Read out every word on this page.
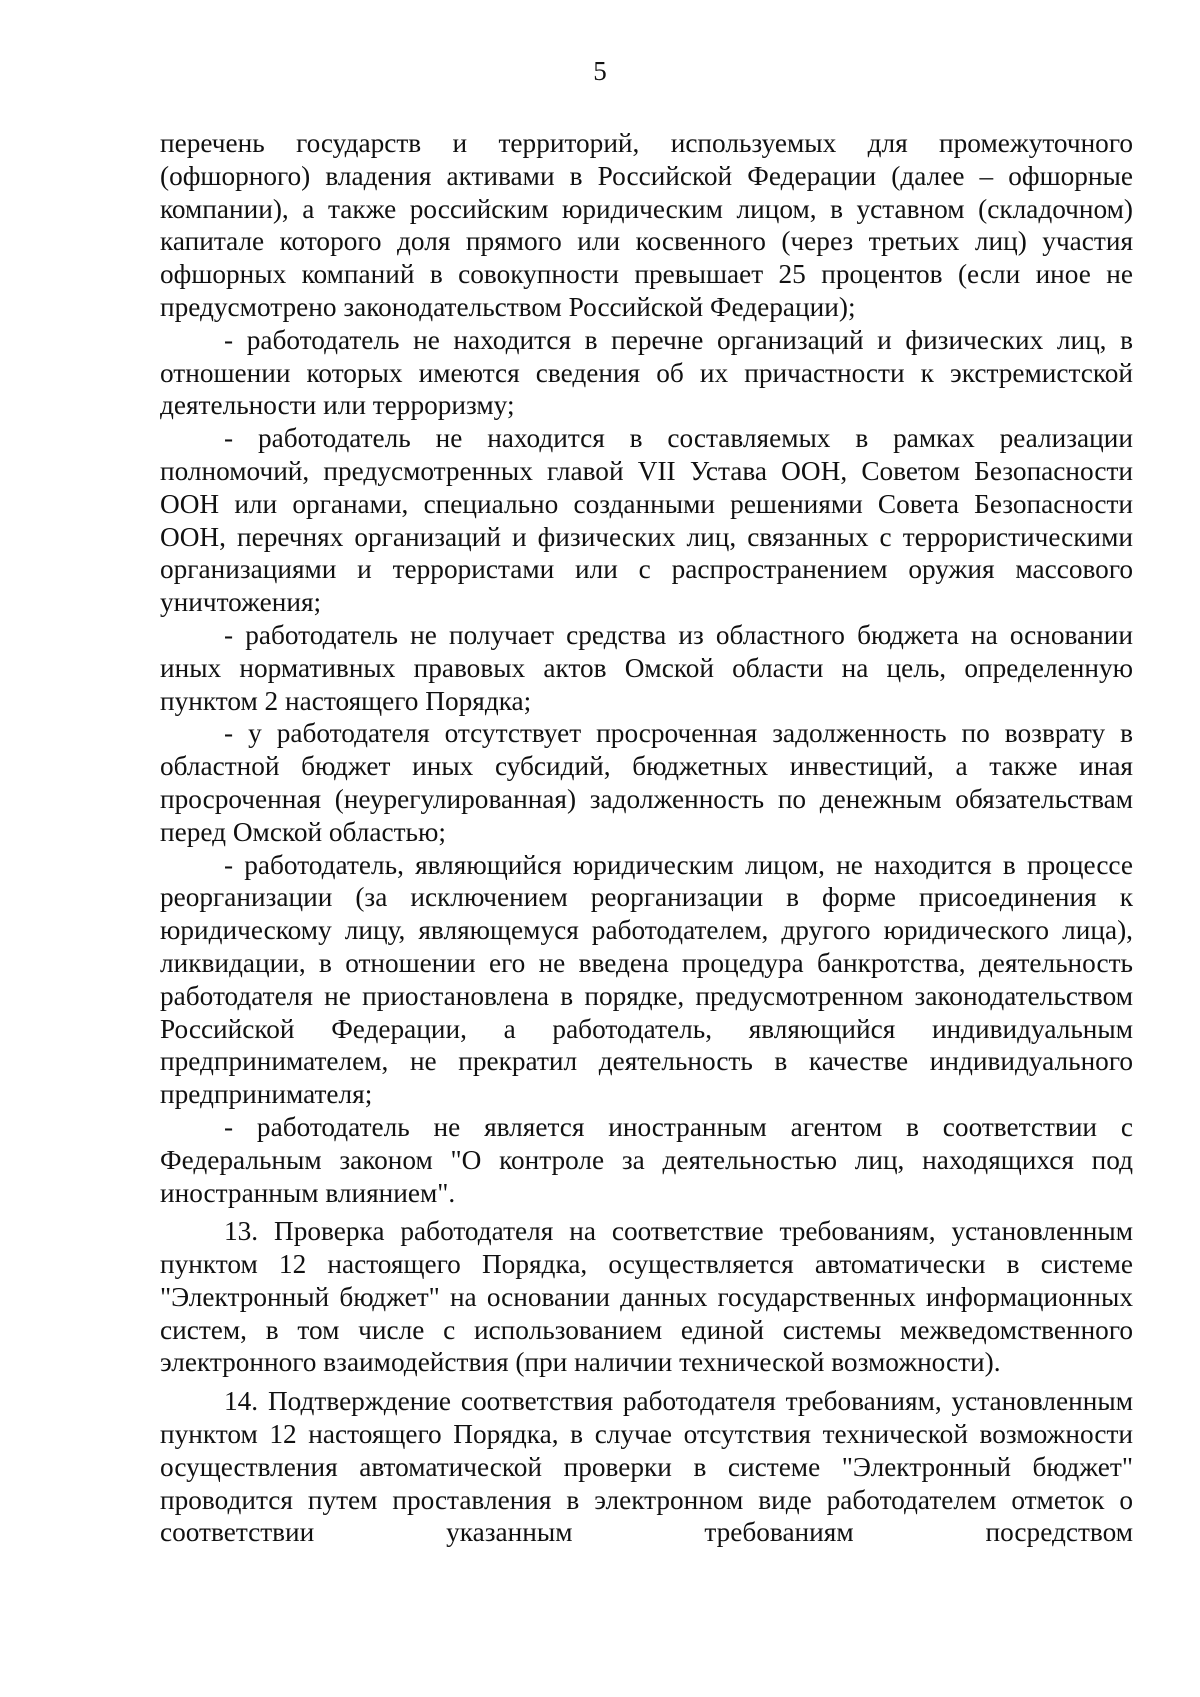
5

перечень государств и территорий, используемых для промежуточного (офшорного) владения активами в Российской Федерации (далее – офшорные компании), а также российским юридическим лицом, в уставном (складочном) капитале которого доля прямого или косвенного (через третьих лиц) участия офшорных компаний в совокупности превышает 25 процентов (если иное не предусмотрено законодательством Российской Федерации);

- работодатель не находится в перечне организаций и физических лиц, в отношении которых имеются сведения об их причастности к экстремистской деятельности или терроризму;

- работодатель не находится в составляемых в рамках реализации полномочий, предусмотренных главой VII Устава ООН, Советом Безопасности ООН или органами, специально созданными решениями Совета Безопасности ООН, перечнях организаций и физических лиц, связанных с террористическими организациями и террористами или с распространением оружия массового уничтожения;

- работодатель не получает средства из областного бюджета на основании иных нормативных правовых актов Омской области на цель, определенную пунктом 2 настоящего Порядка;

- у работодателя отсутствует просроченная задолженность по возврату в областной бюджет иных субсидий, бюджетных инвестиций, а также иная просроченная (неурегулированная) задолженность по денежным обязательствам перед Омской областью;

- работодатель, являющийся юридическим лицом, не находится в процессе реорганизации (за исключением реорганизации в форме присоединения к юридическому лицу, являющемуся работодателем, другого юридического лица), ликвидации, в отношении его не введена процедура банкротства, деятельность работодателя не приостановлена в порядке, предусмотренном законодательством Российской Федерации, а работодатель, являющийся индивидуальным предпринимателем, не прекратил деятельность в качестве индивидуального предпринимателя;

- работодатель не является иностранным агентом в соответствии с Федеральным законом "О контроле за деятельностью лиц, находящихся под иностранным влиянием".

13. Проверка работодателя на соответствие требованиям, установленным пунктом 12 настоящего Порядка, осуществляется автоматически в системе "Электронный бюджет" на основании данных государственных информационных систем, в том числе с использованием единой системы межведомственного электронного взаимодействия (при наличии технической возможности).

14. Подтверждение соответствия работодателя требованиям, установленным пунктом 12 настоящего Порядка, в случае отсутствия технической возможности осуществления автоматической проверки в системе "Электронный бюджет" проводится путем проставления в электронном виде работодателем отметок о соответствии указанным требованиям посредством
